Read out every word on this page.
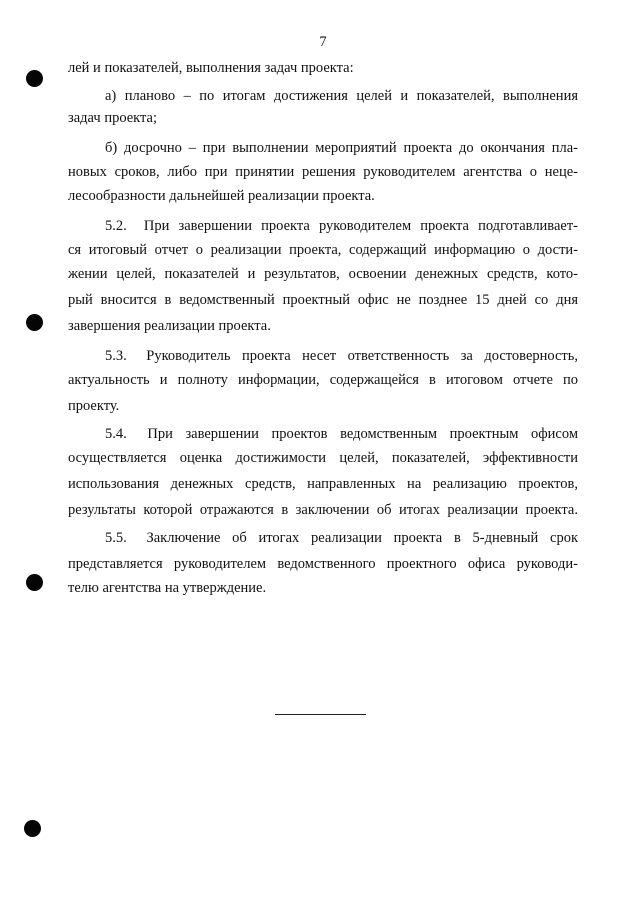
7
лей и показателей, выполнения задач проекта:
а) планово – по итогам достижения целей и показателей, выполнения
задач проекта;
б) досрочно – при выполнении мероприятий проекта до окончания пла-
новых сроков, либо при принятии решения руководителем агентства о неце-
лесообразности дальнейшей реализации проекта.
5.2. При завершении проекта руководителем проекта подготавливает-
ся итоговый отчет о реализации проекта, содержащий информацию о дости-
жении целей, показателей и результатов, освоении денежных средств, кото-
рый вносится в ведомственный проектный офис не позднее 15 дней со дня
завершения реализации проекта.
5.3. Руководитель проекта несет ответственность за достоверность,
актуальность и полноту информации, содержащейся в итоговом отчете по
проекту.
5.4. При завершении проектов ведомственным проектным офисом
осуществляется оценка достижимости целей, показателей, эффективности
использования денежных средств, направленных на реализацию проектов,
результаты которой отражаются в заключении об итогах реализации проекта.
5.5. Заключение об итогах реализации проекта в 5-дневный срок
представляется руководителем ведомственного проектного офиса руководи-
телю агентства на утверждение.
